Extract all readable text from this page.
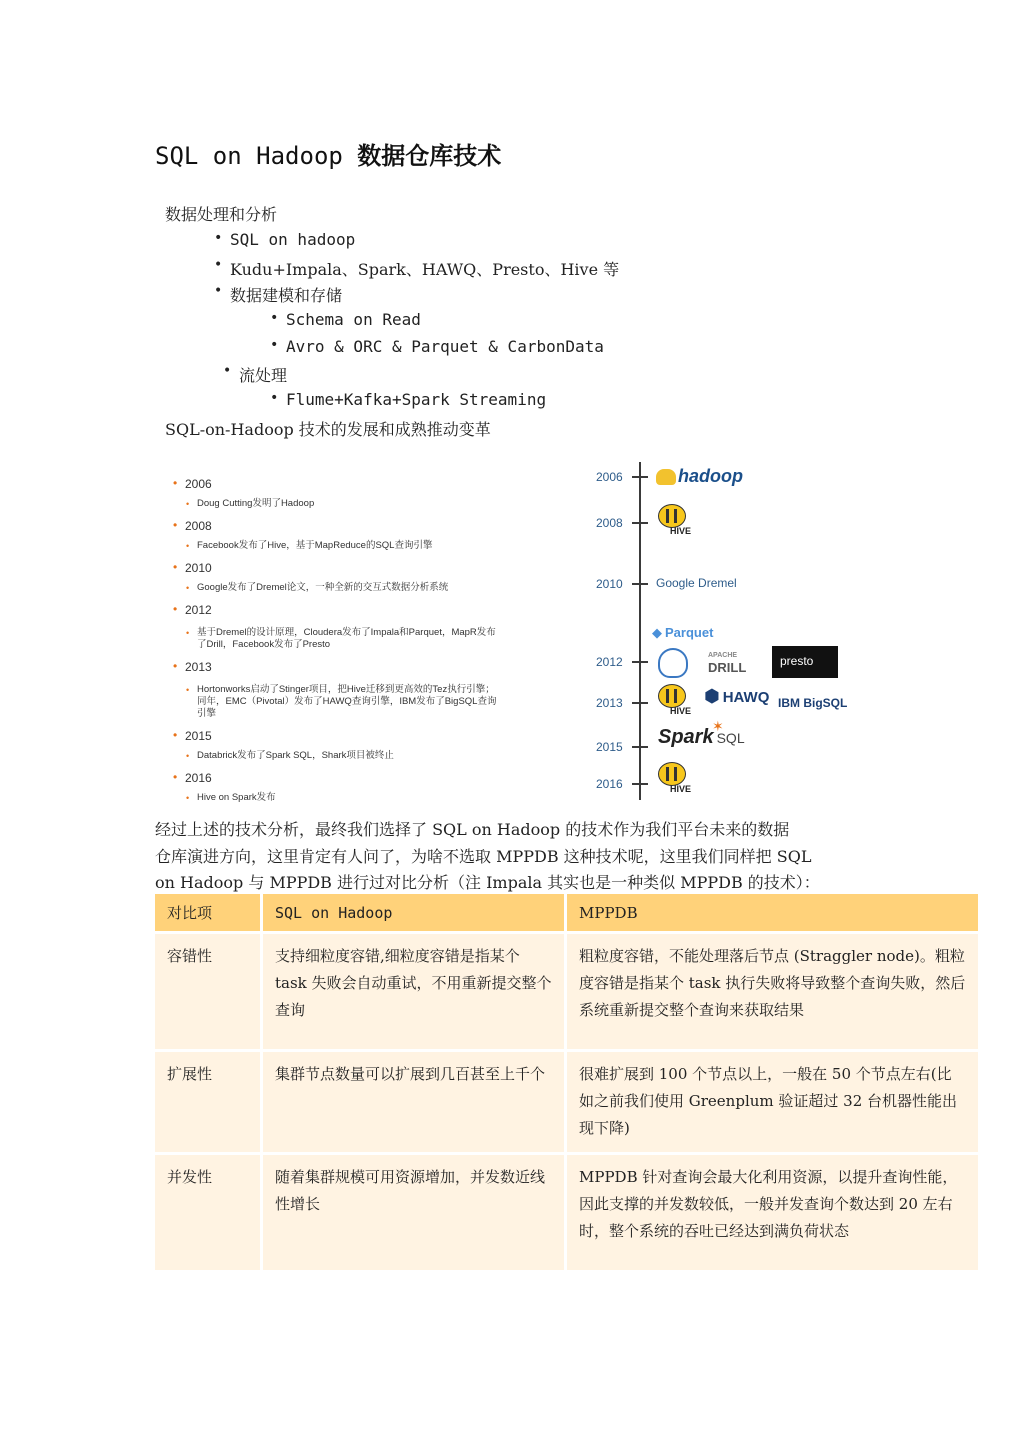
SQL on Hadoop 数据仓库技术
数据处理和分析
• SQL on hadoop
• Kudu+Impala、Spark、HAWQ、Presto、Hive 等
• 数据建模和存储
• Schema on Read
• Avro & ORC & Parquet & CarbonData
• 流处理
• Flume+Kafka+Spark Streaming
SQL-on-Hadoop 技术的发展和成熟推动变革
• 2006
• Doug Cutting发明了Hadoop
• 2008
• Facebook发布了Hive，基于MapReduce的SQL查询引擎
• 2010
• Google发布了Dremel论文，一种全新的交互式数据分析系统
• 2012
• 基于Dremel的设计原理，Cloudera发布了Impala和Parquet，MapR发布了Drill，Facebook发布了Presto
• 2013
• Hortonworks启动了Stinger项目，把Hive迁移到更高效的Tez执行引擎；同年，EMC（Pivotal）发布了HAWQ查询引擎，IBM发布了BigSQL查询引擎
• 2015
• Databrick发布了Spark SQL，Shark项目被终止
• 2016
• Hive on Spark发布
2006
2008
2010
2012
2013
2015
2016
hadoop
HIVE
Google Dremel
◆ Parquet
APACHE
DRILL	presto
HIVE
⬢ HAWQ IBM BigSQL
Spark SQL ✶
HIVE
经过上述的技术分析，最终我们选择了 SQL on Hadoop 的技术作为我们平台未来的数据
仓库演进方向，这里肯定有人问了，为啥不选取 MPPDB 这种技术呢，这里我们同样把 SQL
on Hadoop 与 MPPDB 进行过对比分析（注 Impala 其实也是一种类似 MPPDB 的技术）：
对比项	SQL on Hadoop	MPPDB
容错性	支持细粒度容错,细粒度容错是指某个 task 失败会自动重试，不用重新提交整个查询	粗粒度容错，不能处理落后节点 (Straggler node)。粗粒度容错是指某个 task 执行失败将导致整个查询失败，然后系统重新提交整个查询来获取结果
扩展性	集群节点数量可以扩展到几百甚至上千个	很难扩展到 100 个节点以上，一般在 50 个节点左右(比如之前我们使用 Greenplum 验证超过 32 台机器性能出现下降)
并发性	随着集群规模可用资源增加，并发数近线性增长	MPPDB 针对查询会最大化利用资源，以提升查询性能，因此支撑的并发数较低，一般并发查询个数达到 20 左右时，整个系统的吞吐已经达到满负荷状态
